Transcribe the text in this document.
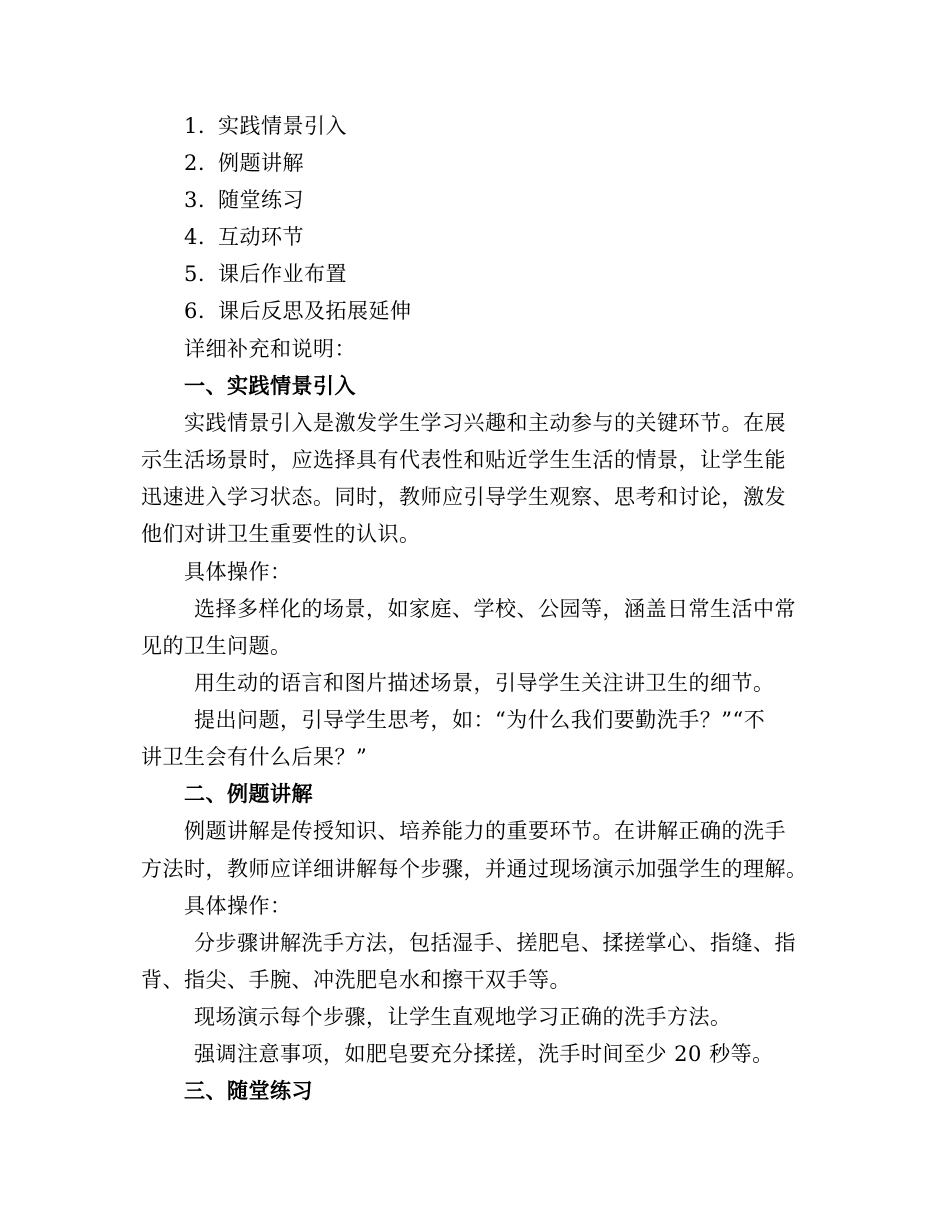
1. 实践情景引入
2. 例题讲解
3. 随堂练习
4. 互动环节
5. 课后作业布置
6. 课后反思及拓展延伸
详细补充和说明：
一、实践情景引入
实践情景引入是激发学生学习兴趣和主动参与的关键环节。在展
示生活场景时，应选择具有代表性和贴近学生生活的情景，让学生能
迅速进入学习状态。同时，教师应引导学生观察、思考和讨论，激发
他们对讲卫生重要性的认识。
具体操作：
选择多样化的场景，如家庭、学校、公园等，涵盖日常生活中常
见的卫生问题。
用生动的语言和图片描述场景，引导学生关注讲卫生的细节。
提出问题，引导学生思考，如：“为什么我们要勤洗手？”“不
讲卫生会有什么后果？”
二、例题讲解
例题讲解是传授知识、培养能力的重要环节。在讲解正确的洗手
方法时，教师应详细讲解每个步骤，并通过现场演示加强学生的理解。
具体操作：
分步骤讲解洗手方法，包括湿手、搓肥皂、揉搓掌心、指缝、指
背、指尖、手腕、冲洗肥皂水和擦干双手等。
现场演示每个步骤，让学生直观地学习正确的洗手方法。
强调注意事项，如肥皂要充分揉搓，洗手时间至少 20 秒等。
三、随堂练习
